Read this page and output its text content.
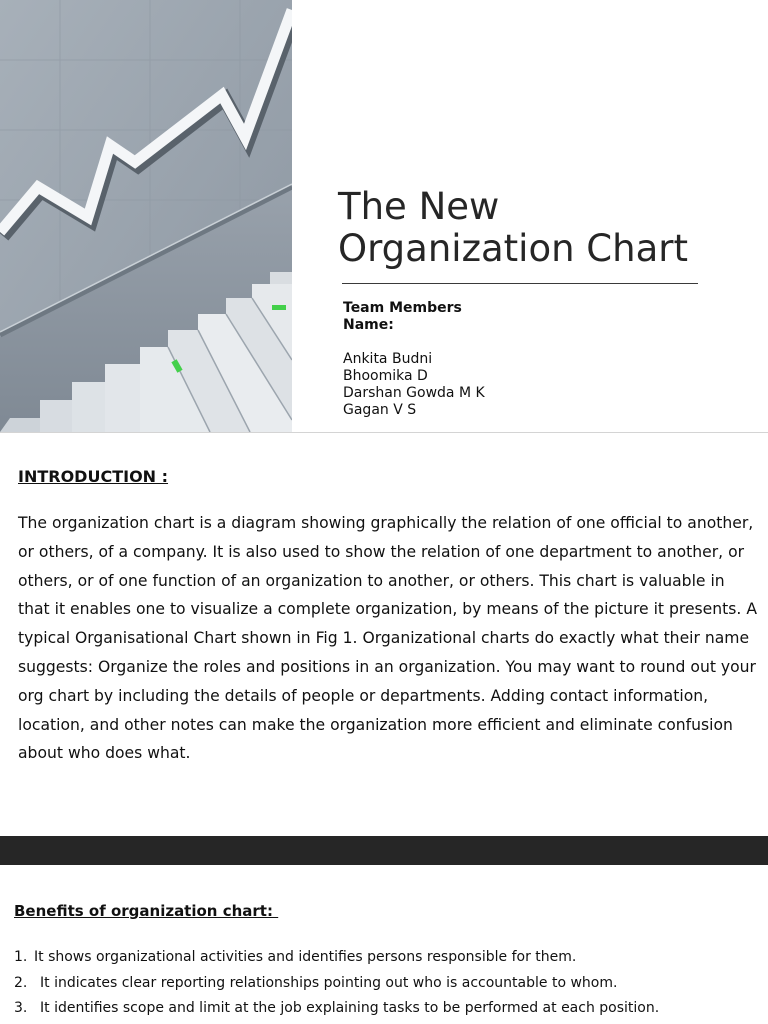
The New
Organization Chart

Team Members Name:

Ankita Budni

Bhoomika D

Darshan Gowda M K

Gagan V S

INTRODUCTION :

The organization chart is a diagram showing graphically the relation of one official to another, or others, of a company. It is also used to show the relation of one department to another, or others, or of one function of an organization to another, or others. This chart is valuable in that it enables one to visualize a complete organization, by means of the picture it presents. A typical Organisational Chart shown in Fig 1. Organizational charts do exactly what their name suggests: Organize the roles and positions in an organization. You may want to round out your org chart by including the details of people or departments. Adding contact information, location, and other notes can make the organization more efficient and eliminate confusion about who does what.

Benefits of organization chart:
1. It shows organizational activities and identifies persons responsible for them.
2. It indicates clear reporting relationships pointing out who is accountable to whom.
3. It identifies scope and limit at the job explaining tasks to be performed at each position.
